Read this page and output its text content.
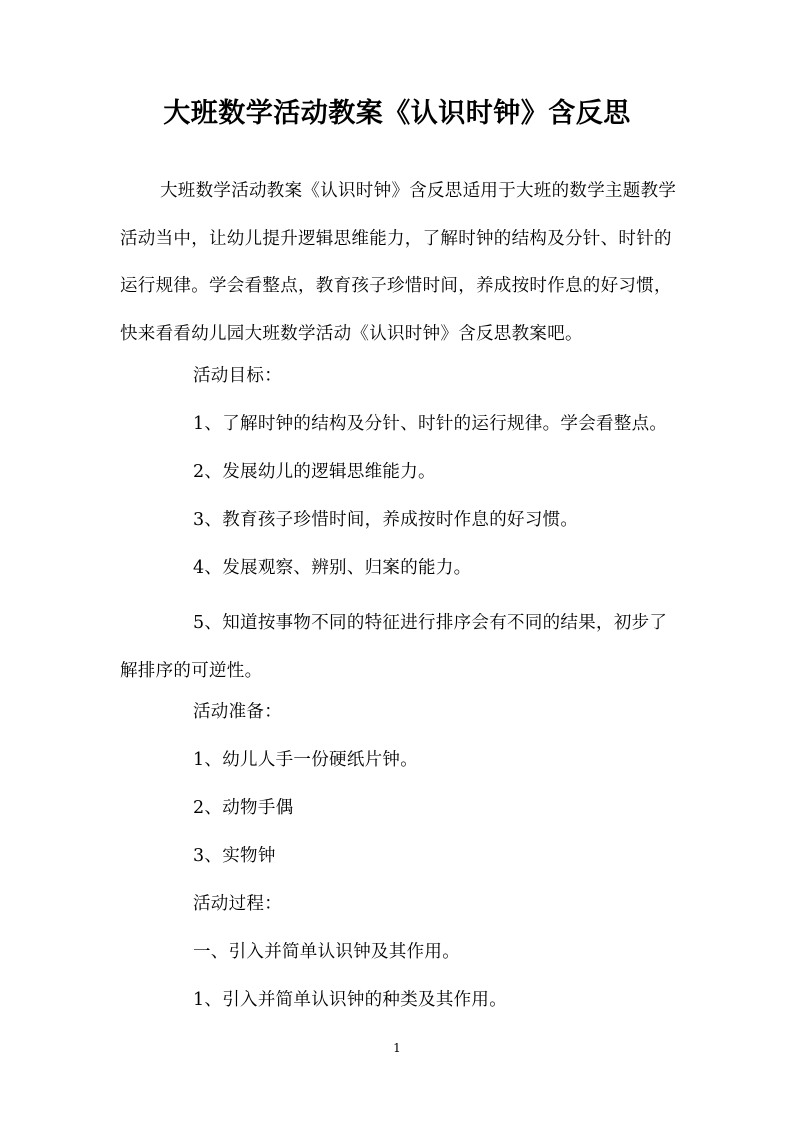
大班数学活动教案《认识时钟》含反思

大班数学活动教案《认识时钟》含反思适用于大班的数学主题教学活动当中，让幼儿提升逻辑思维能力，了解时钟的结构及分针、时针的运行规律。学会看整点，教育孩子珍惜时间，养成按时作息的好习惯，快来看看幼儿园大班数学活动《认识时钟》含反思教案吧。

活动目标：
1、了解时钟的结构及分针、时针的运行规律。学会看整点。
2、发展幼儿的逻辑思维能力。
3、教育孩子珍惜时间，养成按时作息的好习惯。
4、发展观察、辨别、归案的能力。

5、知道按事物不同的特征进行排序会有不同的结果，初步了解排序的可逆性。

活动准备：
1、幼儿人手一份硬纸片钟。
2、动物手偶
3、实物钟
活动过程：
一、引入并简单认识钟及其作用。
1、引入并简单认识钟的种类及其作用。
1
